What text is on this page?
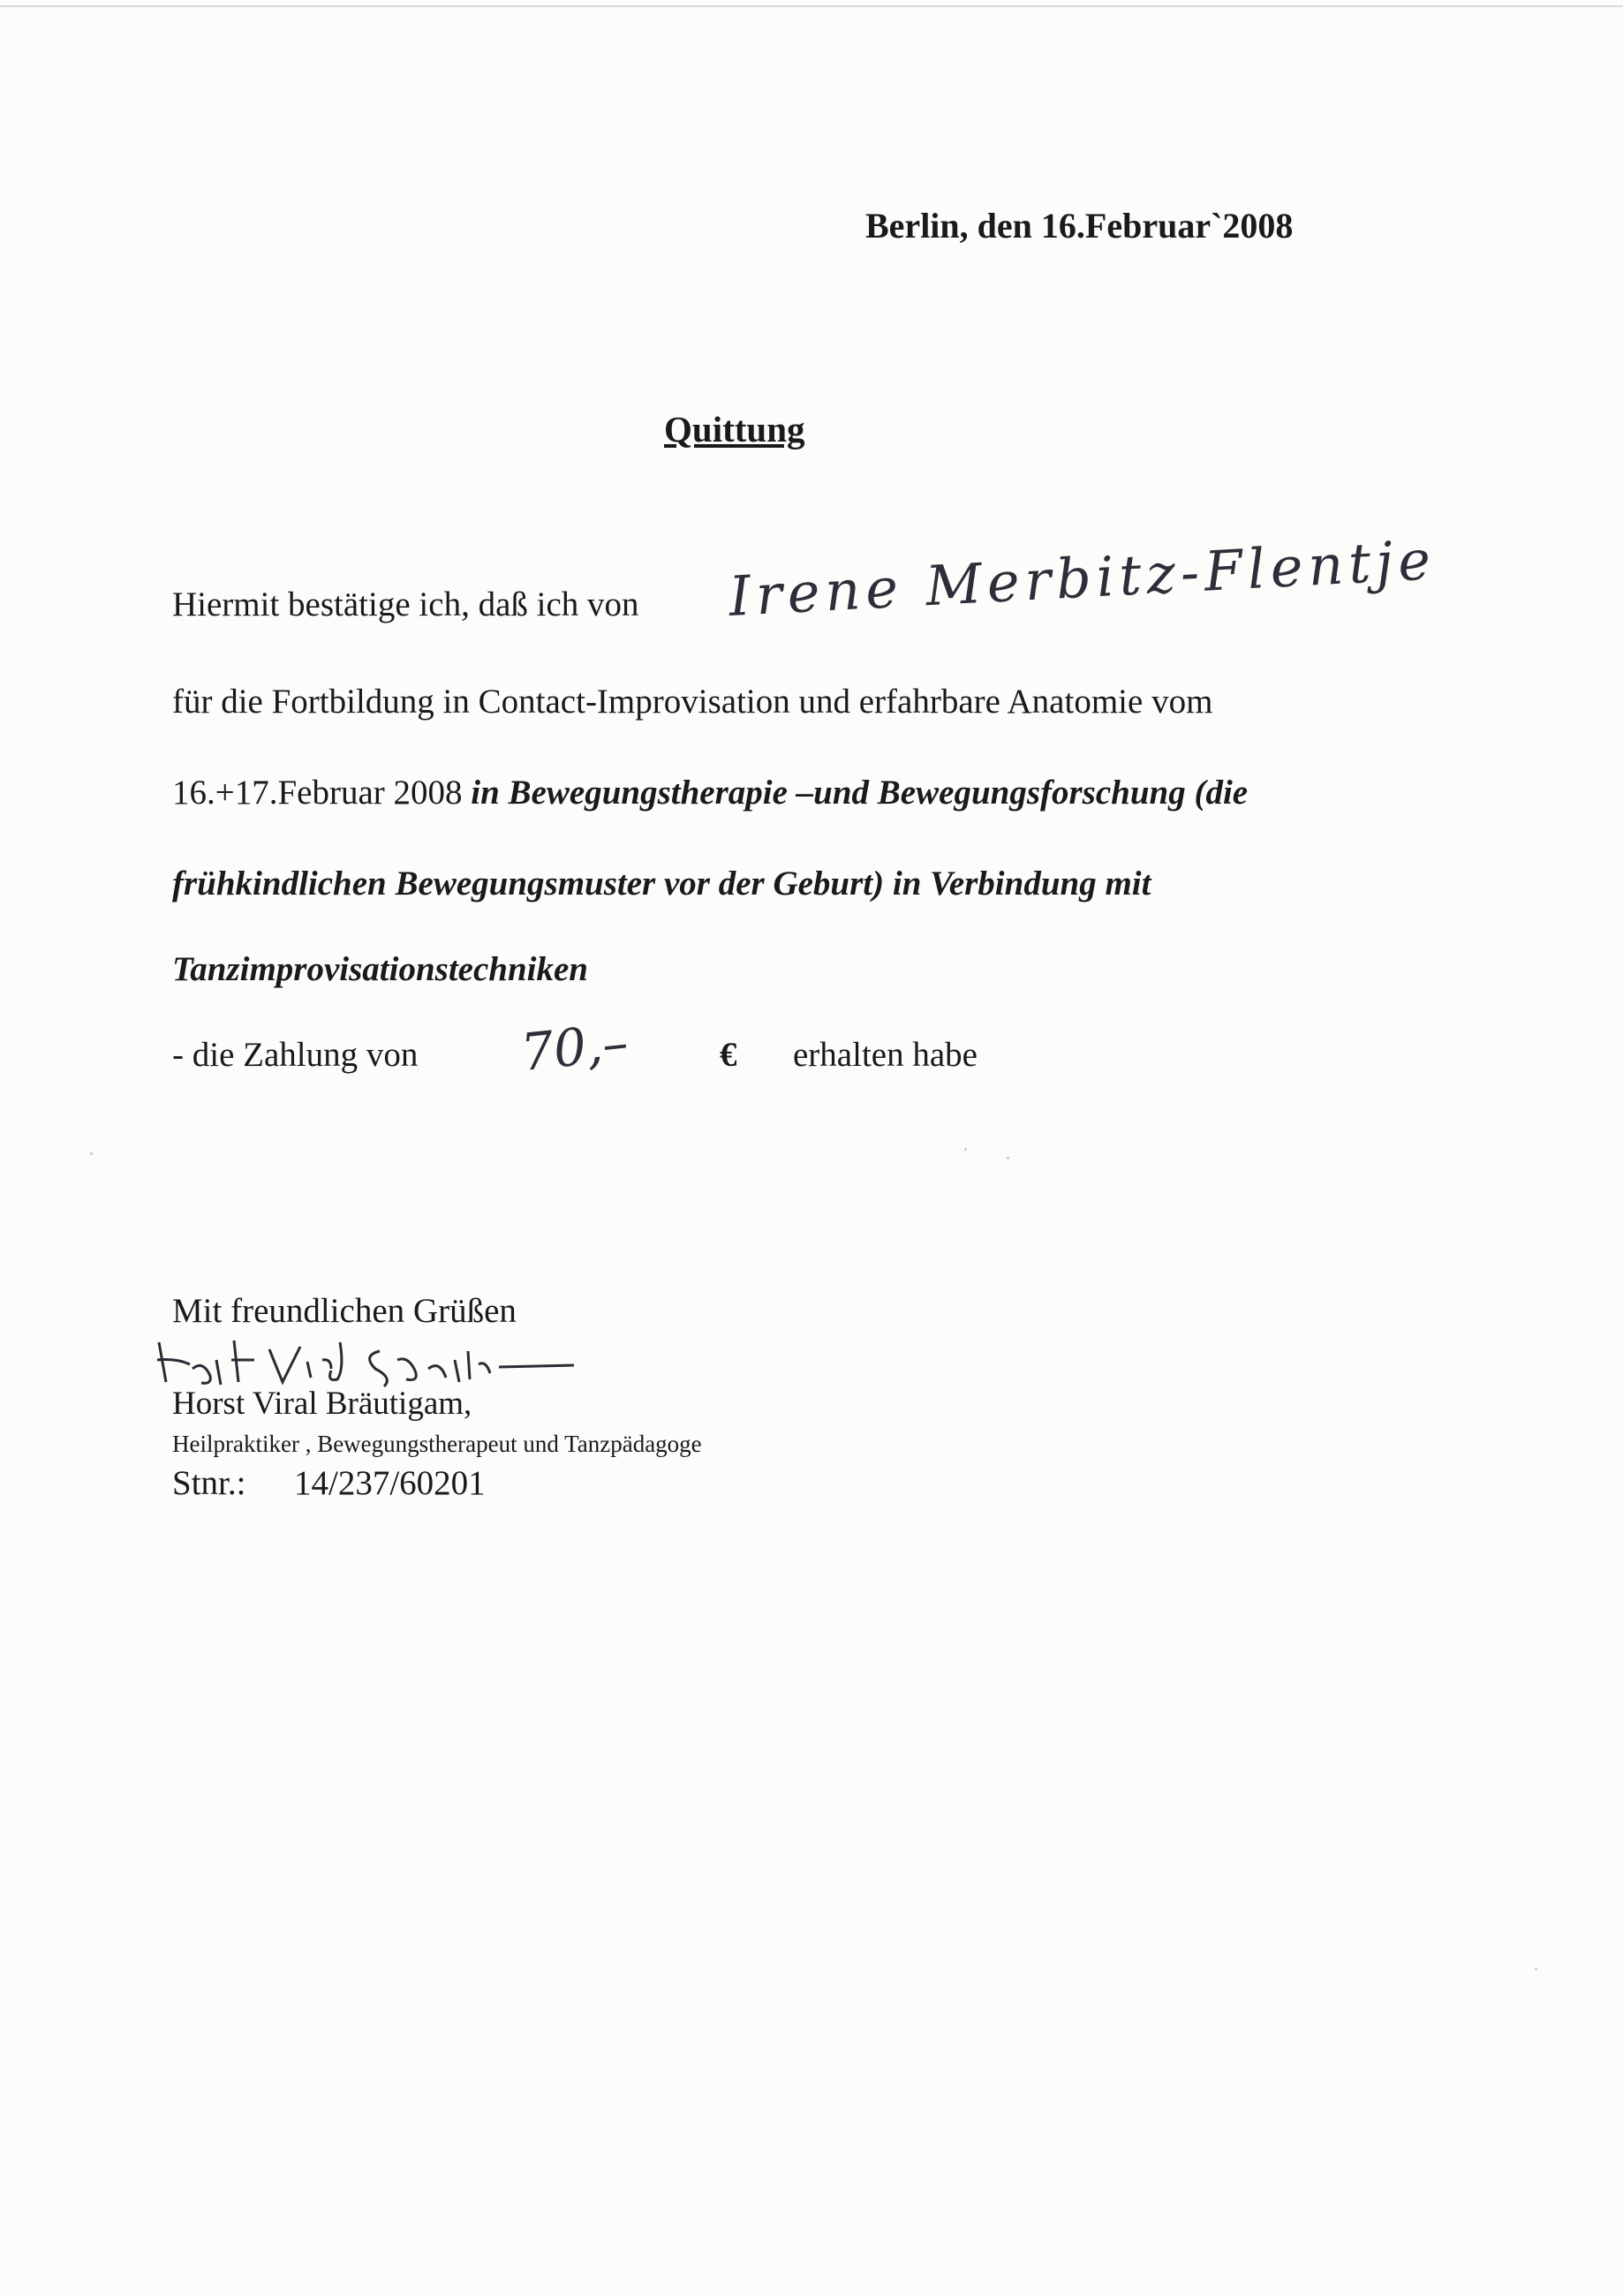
Berlin, den 16.Februar`2008
Quittung
Hiermit bestätige ich, daß ich von Irene Merbitz-Flentje
für die Fortbildung in Contact-Improvisation und erfahrbare Anatomie vom
16.+17.Februar 2008 in Bewegungstherapie –und Bewegungsforschung (die
frühkindlichen Bewegungsmuster vor der Geburt) in Verbindung mit
Tanzimprovisationstechniken
- die Zahlung von 70,–	€ erhalten habe
Mit freundlichen Grüßen
Horst Viral Bräutigam,
Heilpraktiker , Bewegungstherapeut und Tanzpädagoge
Stnr.: 14/237/60201
